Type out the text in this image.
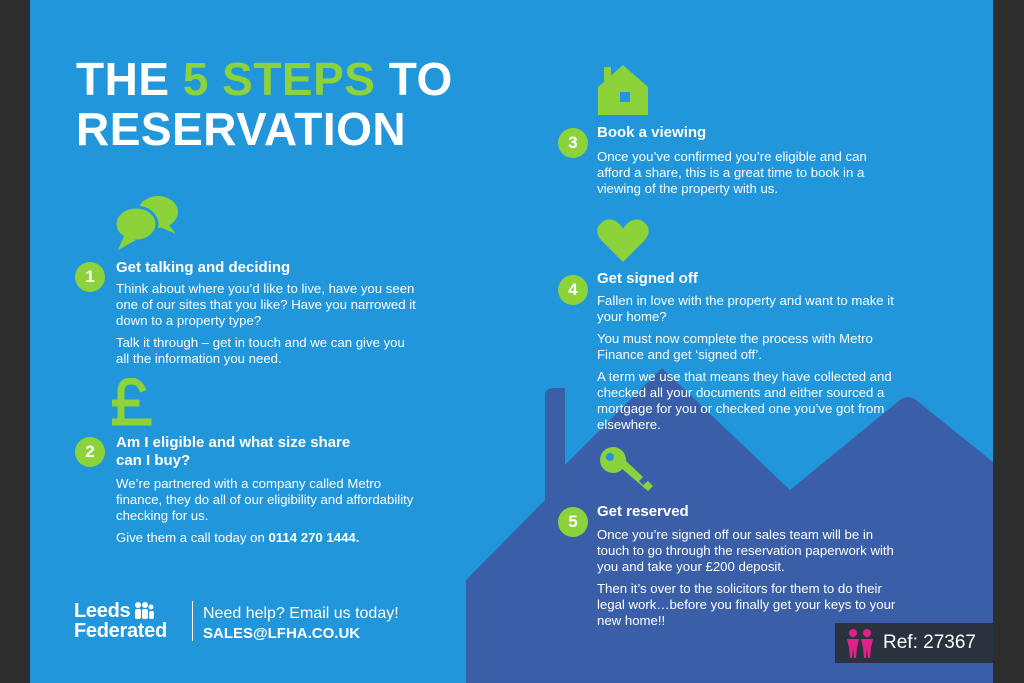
THE 5 STEPS TO
RESERVATION
1	Get talking and deciding

Think about where you’d like to live, have you seen one of our sites that you like? Have you narrowed it down to a property type?

Talk it through – get in touch and we can give you all the information you need.

2	Am I eligible and what size share
can I buy?

We’re partnered with a company called Metro finance, they do all of our eligibility and affordability checking for us.

Give them a call today on 0114 270 1444.

3
Book a viewing

Once you’ve confirmed you’re eligible and can afford a share, this is a great time to book in a viewing of the property with us.

4
Get signed off

Fallen in love with the property and want to make it your home?

You must now complete the process with Metro Finance and get ‘signed off’.

A term we use that means they have collected and checked all your documents and either sourced a mortgage for you or checked one you’ve got from elsewhere.

5
Get reserved

Once you’re signed off our sales team will be in touch to go through the reservation paperwork with you and take your £200 deposit.

Then it’s over to the solicitors for them to do their legal work…before you finally get your keys to your new home!!

Leeds
Federated
Need help? Email us today!
SALES@LFHA.CO.UK	Ref: 27367
